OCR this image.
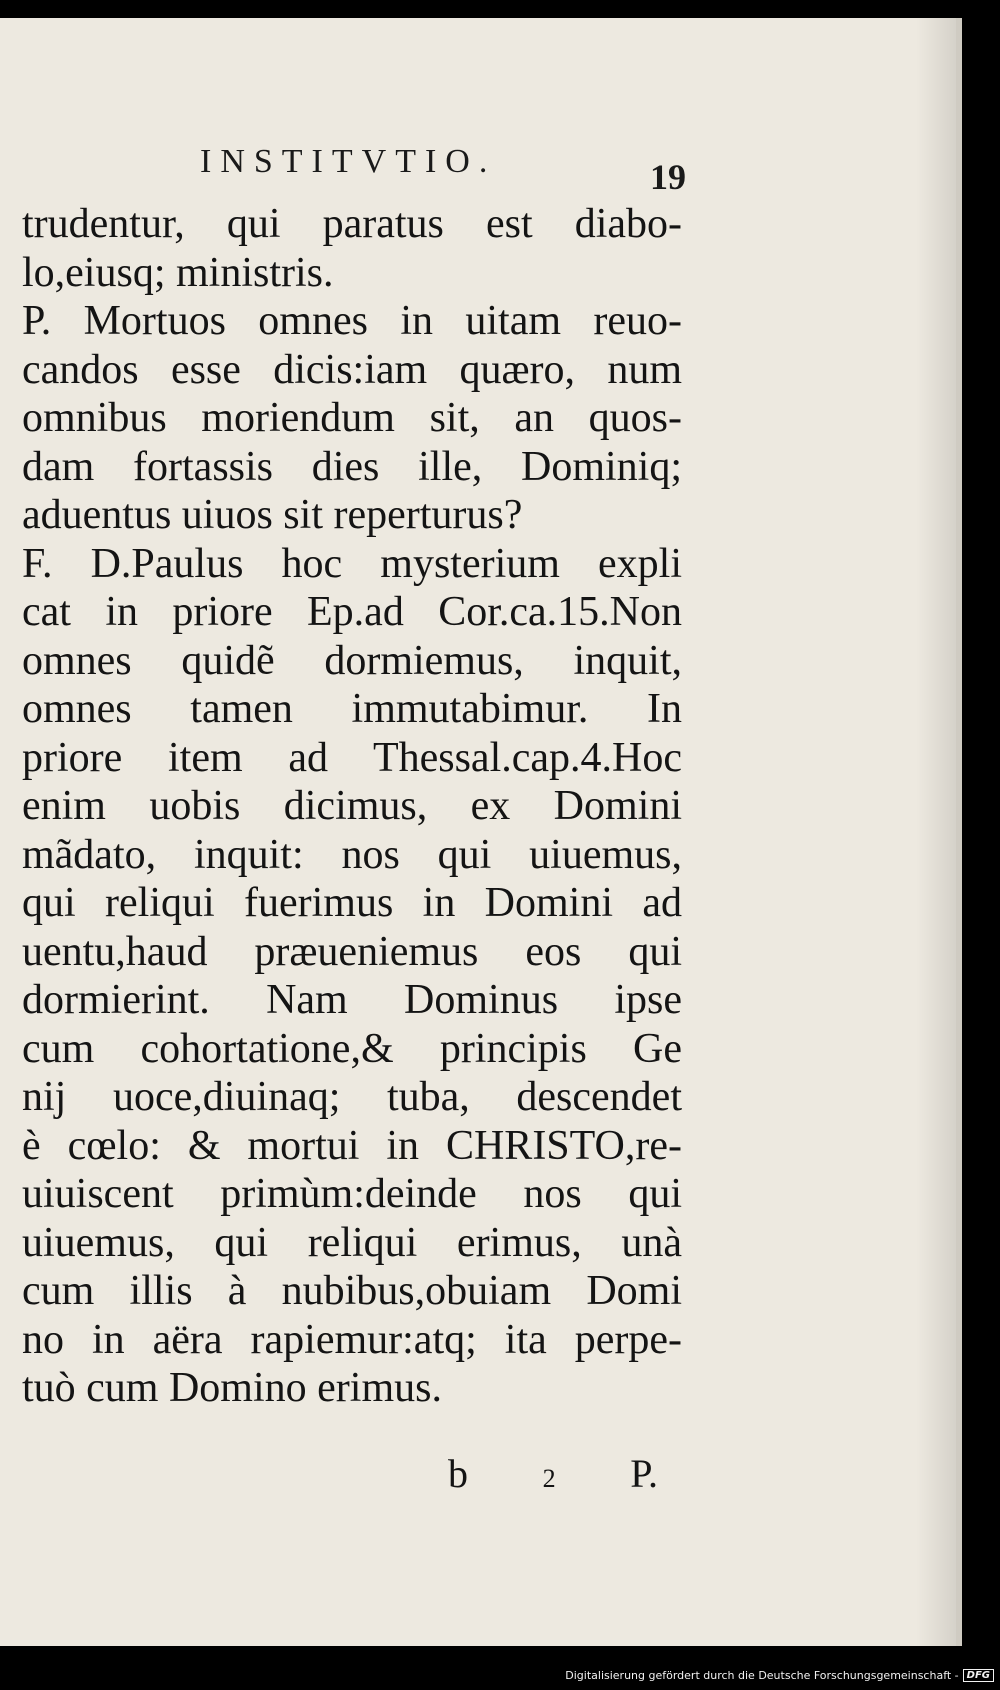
INSTITVTIO.	19
trudentur, qui paratus est diabo-
lo,eiusq; ministris.
P. Mortuos omnes in uitam reuo-
candos esse dicis:iam quæro, num
omnibus moriendum sit, an quos-
dam fortassis dies ille, Dominiq;
aduentus uiuos sit reperturus?
F. D.Paulus hoc mysterium expli
cat in priore Ep.ad Cor.ca.15.Non
omnes quidẽ dormiemus, inquit,
omnes tamen immutabimur. In
priore item ad Thessal.cap.4.Hoc
enim uobis dicimus, ex Domini
mãdato, inquit: nos qui uiuemus,
qui reliqui fuerimus in Domini ad
uentu,haud præueniemus eos qui
dormierint. Nam Dominus ipse
cum cohortatione,& principis Ge
nij uoce,diuinaq; tuba, descendet
è cœlo: & mortui in CHRISTO,re-
uiuiscent primùm:deinde nos qui
uiuemus, qui reliqui erimus, unà
cum illis à nubibus,obuiam Domi
no in aëra rapiemur:atq; ita perpe-
tuò cum Domino erimus.
b	2 P.
Digitalisierung gefördert durch die Deutsche Forschungsgemeinschaft - DFG
